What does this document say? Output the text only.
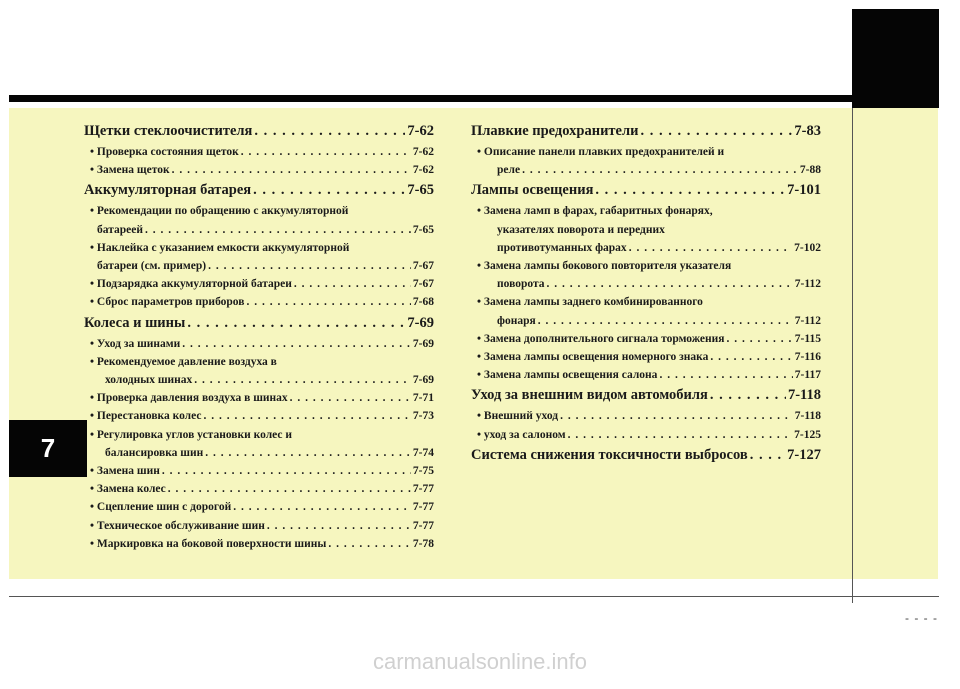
7
- - - -
Щетки стеклоочистителя . . .	7-62
• Проверка состояния щеток . . .	7-62
• Замена щеток . . .	7-62
Аккумуляторная батарея . . .	7-65
• Рекомендации по обращению с аккумуляторной
батареей . . .	7-65
• Наклейка с указанием емкости аккумуляторной
батареи (см. пример) . . .	7-67
• Подзарядка аккумуляторной батареи . . .	7-67
• Сброс параметров приборов . . .	7-68
Колеса и шины . . .	7-69
• Уход за шинами . . .	7-69
• Рекомендуемое давление воздуха в
холодных шинах . . .	7-69
• Проверка давления воздуха в шинах . . .	7-71
• Перестановка колес . . .	7-73
• Регулировка углов установки колес и
балансировка шин . . .	7-74
• Замена шин . . .	7-75
• Замена колес . . .	7-77
• Сцепление шин с дорогой . . .	7-77
• Техническое обслуживание шин . . .	7-77
• Маркировка на боковой поверхности шины . . .	7-78
Плавкие предохранители . . .	7-83
• Описание панели плавких предохранителей и
реле . . .	7-88
Лампы освещения . . .	7-101
• Замена ламп в фарах, габаритных фонарях,
указателях поворота и передних
противотуманных фарах . . .	7-102
• Замена лампы бокового повторителя указателя
поворота . . .	7-112
• Замена лампы заднего комбинированного
фонаря . . .	7-112
• Замена дополнительного сигнала торможения . . .	7-115
• Замена лампы освещения номерного знака . . .	7-116
• Замена лампы освещения салона . . .	7-117
Уход за внешним видом автомобиля . . .	7-118
• Внешний уход . . .	7-118
• уход за салоном . . .	7-125
Система снижения токсичности выбросов . . .	7-127
carmanualsonline.info
